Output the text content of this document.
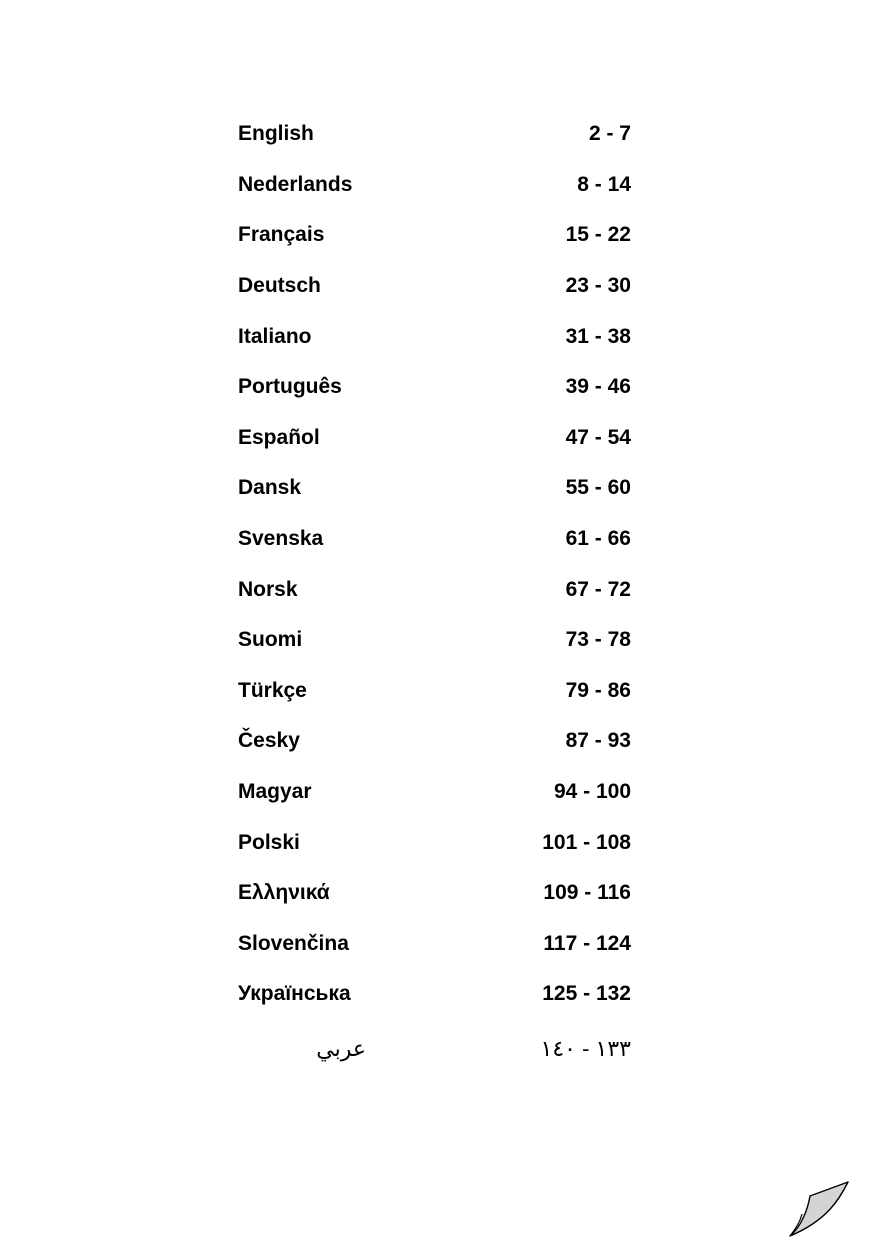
English	2 - 7
Nederlands	8 - 14
Français	15 - 22
Deutsch	23 - 30
Italiano	31 - 38
Português	39 - 46
Español	47 - 54
Dansk	55 - 60
Svenska	61 - 66
Norsk	67 - 72
Suomi	73 - 78
Türkçe	79 - 86
Česky	87 - 93
Magyar	94 - 100
Polski	101 - 108
Ελληνικά	109 - 116
Slovenčina	117 - 124
Українська	125 - 132
عربي	١٣٣ - ١٤٠
